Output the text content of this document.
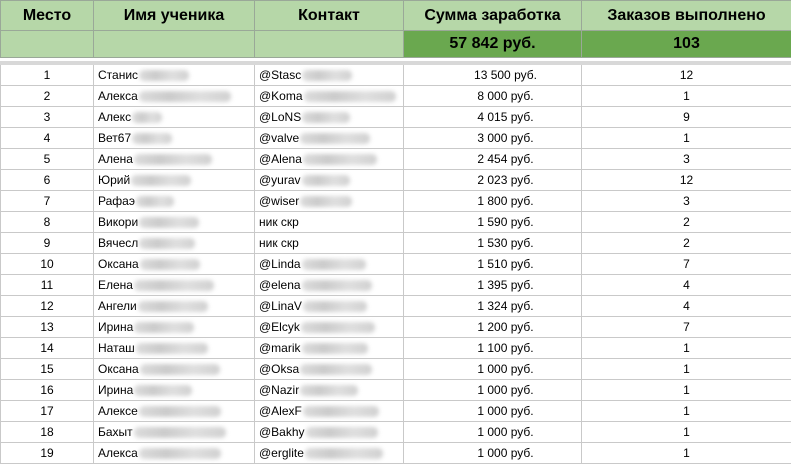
Место	Имя ученика	Контакт	Сумма заработка	Заказов выполнено
			57 842 руб.	103

1	Станис	@Stasc	13 500 руб.	12
2	Алекса	@Koma	8 000 руб.	1
3	Алекс	@LoNS	4 015 руб.	9
4	Вет67	@valve	3 000 руб.	1
5	Алена	@Alena	2 454 руб.	3
6	Юрий	@yurav	2 023 руб.	12
7	Рафаэ	@wiser	1 800 руб.	3
8	Викори	ник скр	1 590 руб.	2
9	Вячесл	ник скр	1 530 руб.	2
10	Оксана	@Linda	1 510 руб.	7
11	Елена	@elena	1 395 руб.	4
12	Ангели	@LinaV	1 324 руб.	4
13	Ирина	@Elcyk	1 200 руб.	7
14	Наташ	@marik	1 100 руб.	1
15	Оксана	@Oksa	1 000 руб.	1
16	Ирина	@Nazir	1 000 руб.	1
17	Алексе	@AlexF	1 000 руб.	1
18	Бахыт	@Bakhy	1 000 руб.	1
19	Алекса	@erglite	1 000 руб.	1
